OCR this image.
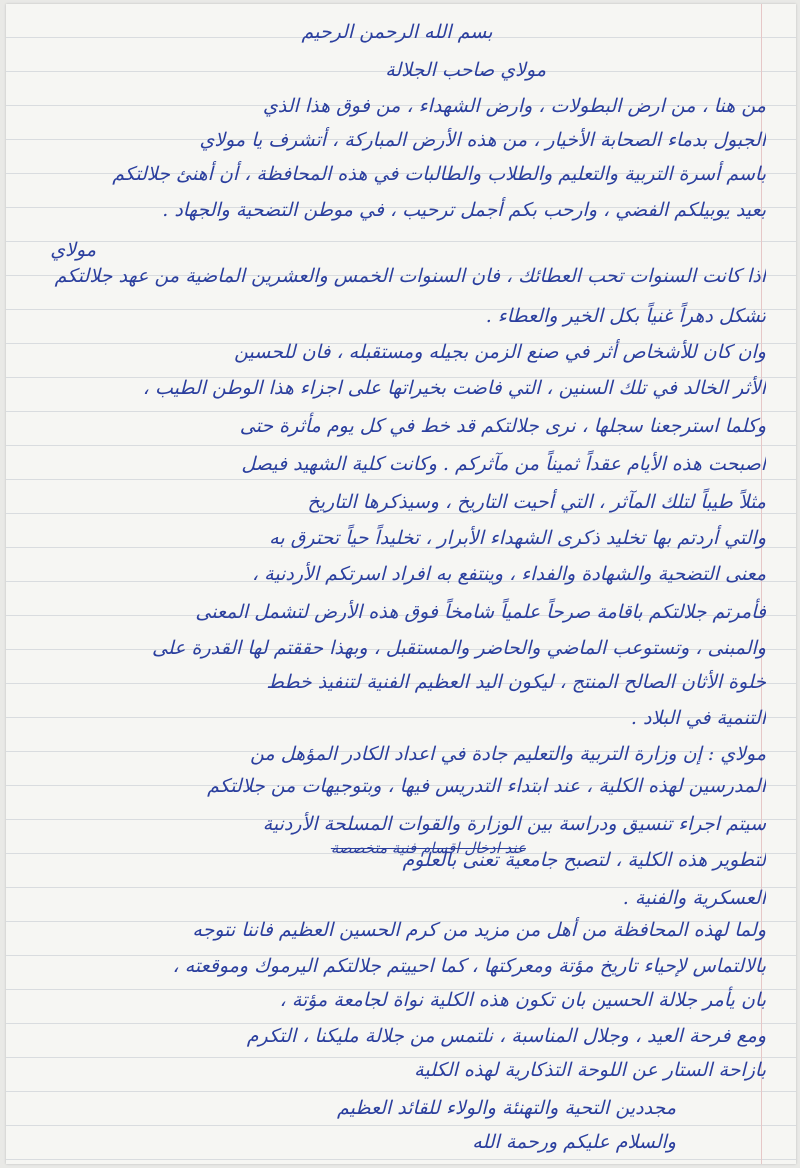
بسم الله الرحمن الرحيم
مولاي صاحب الجلالة
من هنا ، من ارض البطولات ، وارض الشهداء ، من فوق هذا الذي
الجبول بدماء الصحابة الأخيار ، من هذه الأرض المباركة ، أتشرف يا مولاي
باسم أسرة التربية والتعليم والطلاب والطالبات في هذه المحافظة ، أن أهنئ جلالتكم
بعيد يوبيلكم الفضي ، وارحب بكم أجمل ترحيب ، في موطن التضحية والجهاد .
مولاي
اذا كانت السنوات تحب العطائك ، فان السنوات الخمس والعشرين الماضية من عهد جلالتكم
تشكل دهراً غنياً بكل الخير والعطاء .
وان كان للأشخاص أثر في صنع الزمن بجيله ومستقبله ، فان للحسين
الأثر الخالد في تلك السنين ، التي فاضت بخيراتها على اجزاء هذا الوطن الطيب ،
وكلما استرجعنا سجلها ، نرى جلالتكم قد خط في كل يوم مأثرة حتى
اصبحت هذه الأيام عقداً ثميناً من مآثركم . وكانت كلية الشهيد فيصل
مثلاً طيباً لتلك المآثر ، التي أحيت التاريخ ، وسيذكرها التاريخ
والتي أردتم بها تخليد ذكرى الشهداء الأبرار ، تخليداً حياً تحترق به
معنى التضحية والشهادة والفداء ، وينتفع به افراد اسرتكم الأردنية ،
فأمرتم جلالتكم باقامة صرحاً علمياً شامخاً فوق هذه الأرض لتشمل المعنى
والمبنى ، وتستوعب الماضي والحاضر والمستقبل ، وبهذا حققتم لها القدرة على
خلوة الأثان الصالح المنتج ، ليكون اليد العظيم الفنية لتنفيذ خطط
التنمية في البلاد .
مولاي : إن وزارة التربية والتعليم جادة في اعداد الكادر المؤهل من
المدرسين لهذه الكلية ، عند ابتداء التدريس فيها ، وبتوجيهات من جلالتكم
سيتم اجراء تنسيق ودراسة بين الوزارة والقوات المسلحة الأردنية
لتطوير هذه الكلية ، لتصبح جامعية تعنى بالعلوم
العسكرية والفنية .
ولما لهذه المحافظة من أهل من مزيد من كرم الحسين العظيم فاننا نتوجه
بالالتماس لإحياء تاريخ مؤتة ومعركتها ، كما احييتم جلالتكم اليرموك وموقعته ،
بان يأمر جلالة الحسين بان تكون هذه الكلية نواة لجامعة مؤتة ،
ومع فرحة العيد ، وجلال المناسبة ، نلتمس من جلالة مليكنا ، التكرم
بازاحة الستار عن اللوحة التذكارية لهذه الكلية
مجددين التحية والتهنئة والولاء للقائد العظيم
والسلام عليكم ورحمة الله
عند ادخال اقسام فنية متخصصة
